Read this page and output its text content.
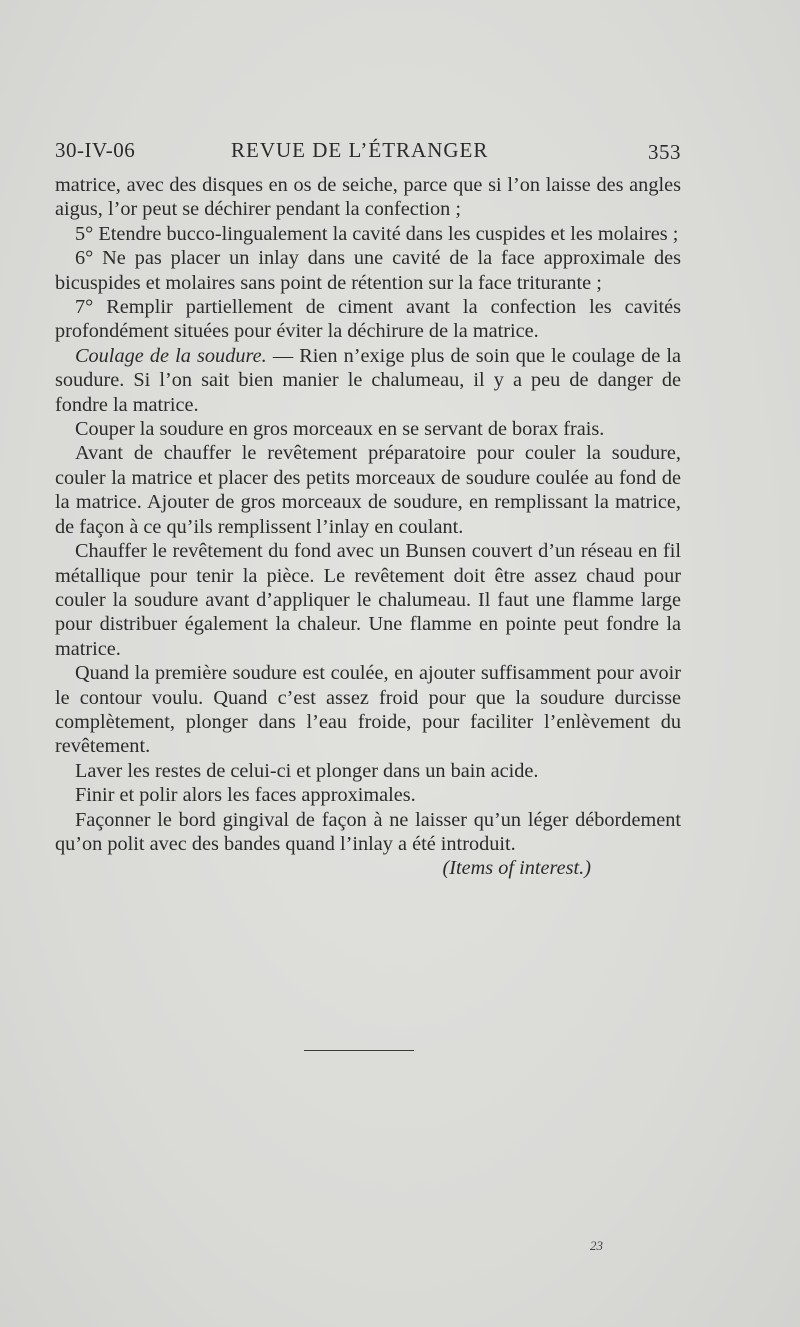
30-IV-06	REVUE DE L’ÉTRANGER	353

matrice, avec des disques en os de seiche, parce que si l’on laisse des angles aigus, l’or peut se déchirer pendant la confection ;

5° Etendre bucco-lingualement la cavité dans les cuspides et les molaires ;

6° Ne pas placer un inlay dans une cavité de la face approximale des bicuspides et molaires sans point de rétention sur la face triturante ;

7° Remplir partiellement de ciment avant la confection les cavités profondément situées pour éviter la déchirure de la matrice.

Coulage de la soudure. — Rien n’exige plus de soin que le coulage de la soudure. Si l’on sait bien manier le chalumeau, il y a peu de danger de fondre la matrice.

Couper la soudure en gros morceaux en se servant de borax frais.

Avant de chauffer le revêtement préparatoire pour couler la soudure, couler la matrice et placer des petits morceaux de soudure coulée au fond de la matrice. Ajouter de gros morceaux de soudure, en remplissant la matrice, de façon à ce qu’ils remplissent l’inlay en coulant.

Chauffer le revêtement du fond avec un Bunsen couvert d’un réseau en fil métallique pour tenir la pièce. Le revêtement doit être assez chaud pour couler la soudure avant d’appliquer le chalumeau. Il faut une flamme large pour distribuer également la chaleur. Une flamme en pointe peut fondre la matrice.

Quand la première soudure est coulée, en ajouter suffisamment pour avoir le contour voulu. Quand c’est assez froid pour que la soudure durcisse complètement, plonger dans l’eau froide, pour faciliter l’enlèvement du revêtement.

Laver les restes de celui-ci et plonger dans un bain acide.

Finir et polir alors les faces approximales.

Façonner le bord gingival de façon à ne laisser qu’un léger débordement qu’on polit avec des bandes quand l’inlay a été introduit.

(Items of interest.)

23
